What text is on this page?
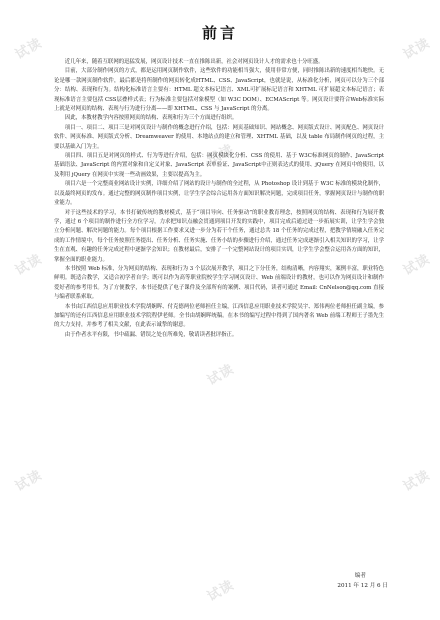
试读	试读
试读
试读	试读
试读
试读	试读
试读
前言

近几年来，随着互联网的迅猛发展，网页设计技术一直在推陈出新，社会对网页设计人才的需求也十分旺盛。

目前，大部分制作网页的方式，都是运用网页制作软件，这些软件的功能相当强大，使用非常方便，同时推陈出新的速度相当地快。无论是哪一款网页制作软件，最后都是将所制作的网页转化成HTML、CSS、JavaScript，也就是说，从标准化分析，网页可以分为三个部分：结构、表现和行为。结构化标准语言主要有：HTML 超文本标记语言、XML可扩展标记语言和 XHTML 可扩展超文本标记语言；表现标准语言主要包括 CSS层叠样式表；行为标准主要包括对象模型（如 W3C DOM）、ECMAScript 等。网页设计要符合Web标准实际上就是对网页的结构、表现与行为进行分离——即 XHTML、CSS 与 JavaScript 的分离。

因此，本教材教学内容按照网页的结构、表现和行为三个方面进行组织。

项目一、项目二、项目三是对网页设计与制作的概念进行介绍，包括：网页基础知识、网站概念、网页版式设计、网页配色、网页设计软件、网页标准、网页版式分析、Dreamweaver 的使用、本地站点的建立和管理、XHTML 基础，以及 table 布局制作网页的过程，主要以基础入门为主。

项目四、项目五是对网页的样式、行为等进行介绍，包括：网页模块化分析、CSS 的使用、基于 W3C标准网页的制作、JavaScript 基础语法、JavaScript 的内置对象和自定义对象、JavaScript 表单验证、JavaScript中正则表达式的使用、jQuery 在网页中的使用，以及利用 jQuery 在网页中实现一些动画效果，主要以提高为主。

项目六是一个完整商业网站设计实例，详细介绍了网站的设计与制作的全过程，从 Photoshop 设计到基于 W3C 标准的模块化制作，以及最终网页的发布。通过完整的网页制作项目实例，让学生学会综合运用各方面知识解决问题，完成项目任务，掌握网页设计与制作的职业能力。

对于这些技术的学习，本书打破传统的教材模式，基于“项目导向、任务驱动”的职业教育理念，按照网页的结构、表现和行为展开教学，通过 6 个项目的制作进行全方位学习，力求把知识点融会贯通到项目开发的实践中，项目完成后通过进一步拓展实训，让学生学会独立分析问题、解决问题的能力。每个项目根据工作要求又进一步分为若干个任务，通过总共 18 个任务的完成过程，把教学情境融入任务完成的工作情境中，每个任务按照任务提出、任务分析、任务实施、任务小结的步骤进行介绍，通过任务完成逐渐引入相关知识的学习，让学生在直观、有趣的任务完成过程中逐渐学会知识；在教材最后，安排了一个完整网站设计的项目实训，让学生学会整合运用各方面的知识，掌握全面的职业能力。

本书按照 Web 标准，分为网页的结构、表现和行为 3 个层次展开教学，项目之下分任务，结构清晰，内容翔实，案例丰富，职业特色鲜明。既适合教学，又适合初学者自学；既可以作为高等职业院校学生学习网页设计、Web 前端设计的教材，也可以作为网页设计和制作爱好者的参考用书。为了方便教学，本书还提供了电子课件及全部所有的案例、项目代码，读者可通过 Email: CnNelson@qq.com 直接与编者联系索取。

本书由江西信息应用职业技术学院胡娴晖、付克德两位老师担任主编，江西信息应用职业技术学院吴宇、郑伟两位老师担任副主编，参加编写的还有江西信息应用职业技术学院程伊老师。全书由胡娴晖统稿。在本书的编写过程中得到了国内著名 Web 前端工程师王子墨先生的大力支持，并参考了相关文献，在此表示诚挚的谢意。

由于作者水平有限，书中疏漏、错误之处在所难免，敬请读者批评指正。

编者
2011 年 12 月 6 日
